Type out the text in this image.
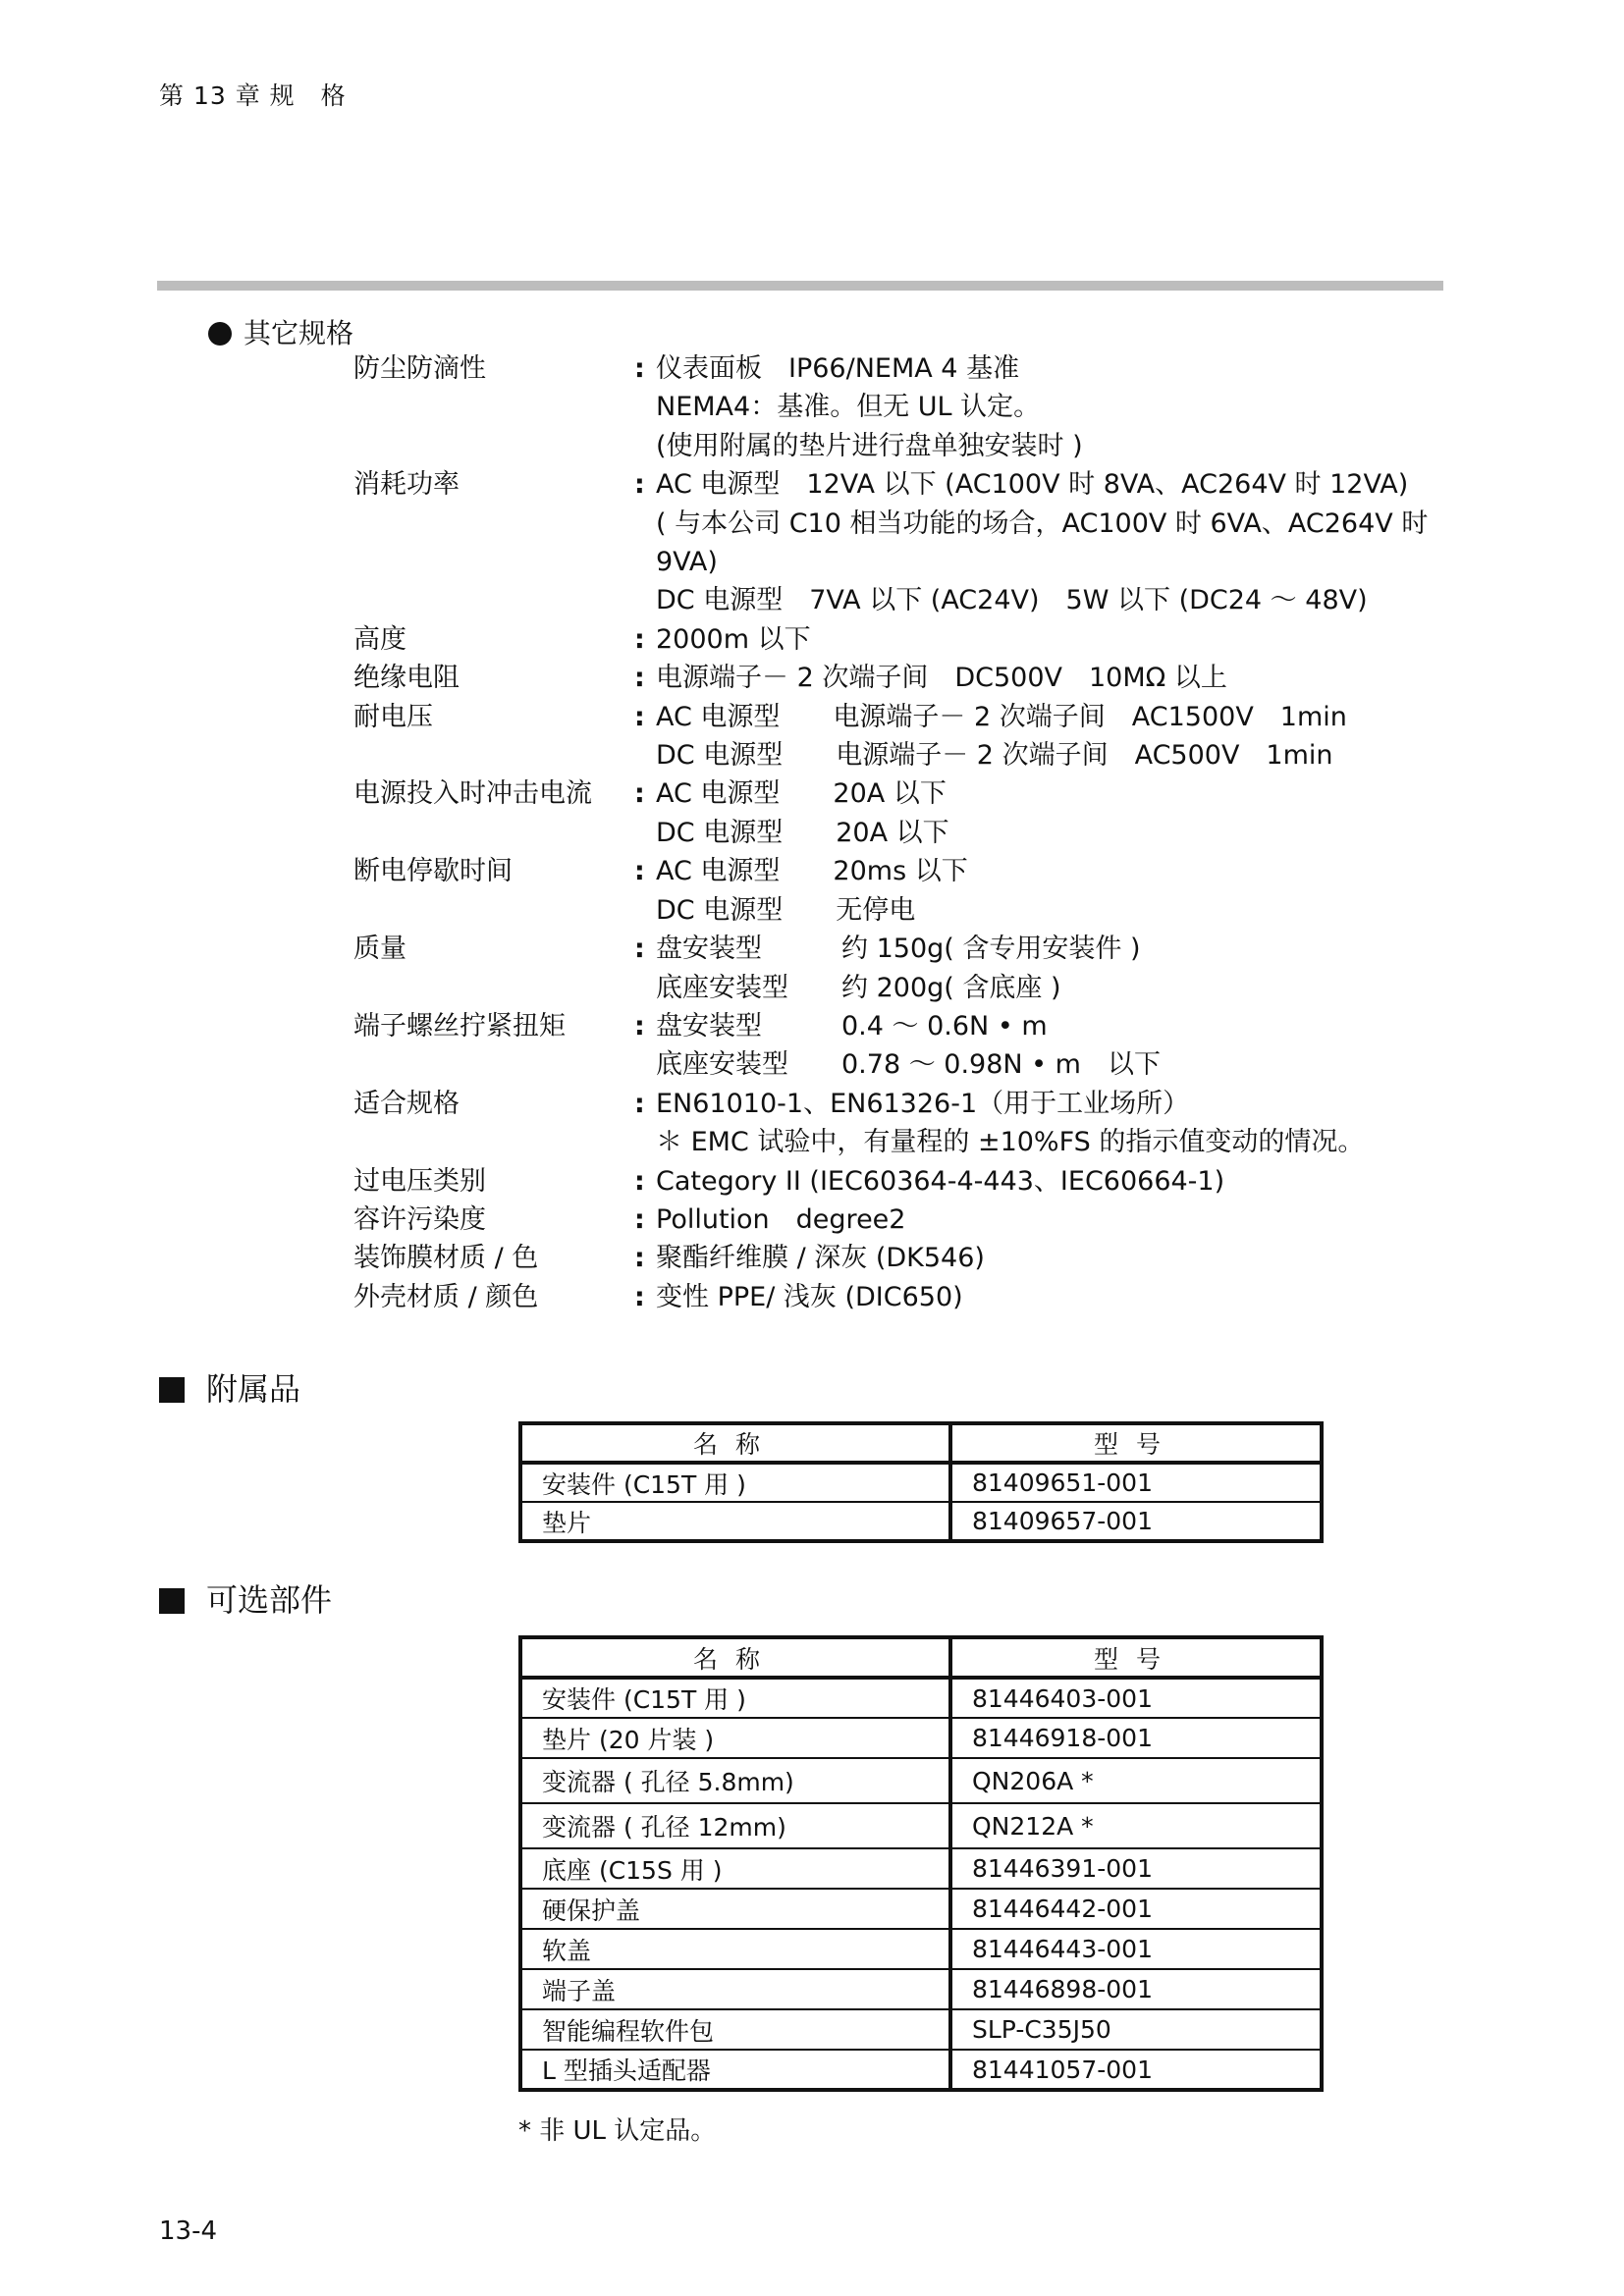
第 13 章 规　格
其它规格
防尘防滴性	: 仪表面板　IP66/NEMA 4 基准
NEMA4：基准。但无 UL 认定。
(使用附属的垫片进行盘单独安装时 )
消耗功率	: AC 电源型　12VA 以下 (AC100V 时 8VA、AC264V 时 12VA)
( 与本公司 C10 相当功能的场合，AC100V 时 6VA、AC264V 时
9VA)
DC 电源型　7VA 以下 (AC24V)　5W 以下 (DC24 ～ 48V)
高度	: 2000m 以下
绝缘电阻	: 电源端子－ 2 次端子间　DC500V　10MΩ 以上
耐电压	: AC 电源型　　电源端子－ 2 次端子间　AC1500V　1min
DC 电源型　　电源端子－ 2 次端子间　AC500V　1min
电源投入时冲击电流	: AC 电源型　　20A 以下
DC 电源型　　20A 以下
断电停歇时间	: AC 电源型　　20ms 以下
DC 电源型　　无停电
质量	: 盘安装型　　　约 150g( 含专用安装件 )
底座安装型　　约 200g( 含底座 )
端子螺丝拧紧扭矩	: 盘安装型　　　0.4 ～ 0.6N • m
底座安装型　　0.78 ～ 0.98N • m　以下
适合规格	: EN61010-1、EN61326-1（用于工业场所）
＊ EMC 试验中，有量程的 ±10%FS 的指示值变动的情况。
过电压类别	: Category II (IEC60364-4-443、IEC60664-1)
容许污染度	: Pollution　degree2
装饰膜材质 / 色	: 聚酯纤维膜 / 深灰 (DK546)
外壳材质 / 颜色	: 变性 PPE/ 浅灰 (DIC650)
附属品
名称	型号
安装件 (C15T 用 )	81409651-001
垫片	81409657-001
可选部件
名称	型号
安装件 (C15T 用 )	81446403-001
垫片 (20 片装 )	81446918-001
变流器 ( 孔径 5.8mm)	QN206A *
变流器 ( 孔径 12mm)	QN212A *
底座 (C15S 用 )	81446391-001
硬保护盖	81446442-001
软盖	81446443-001
端子盖	81446898-001
智能编程软件包	SLP-C35J50
L 型插头适配器	81441057-001
* 非 UL 认定品。
13-4
